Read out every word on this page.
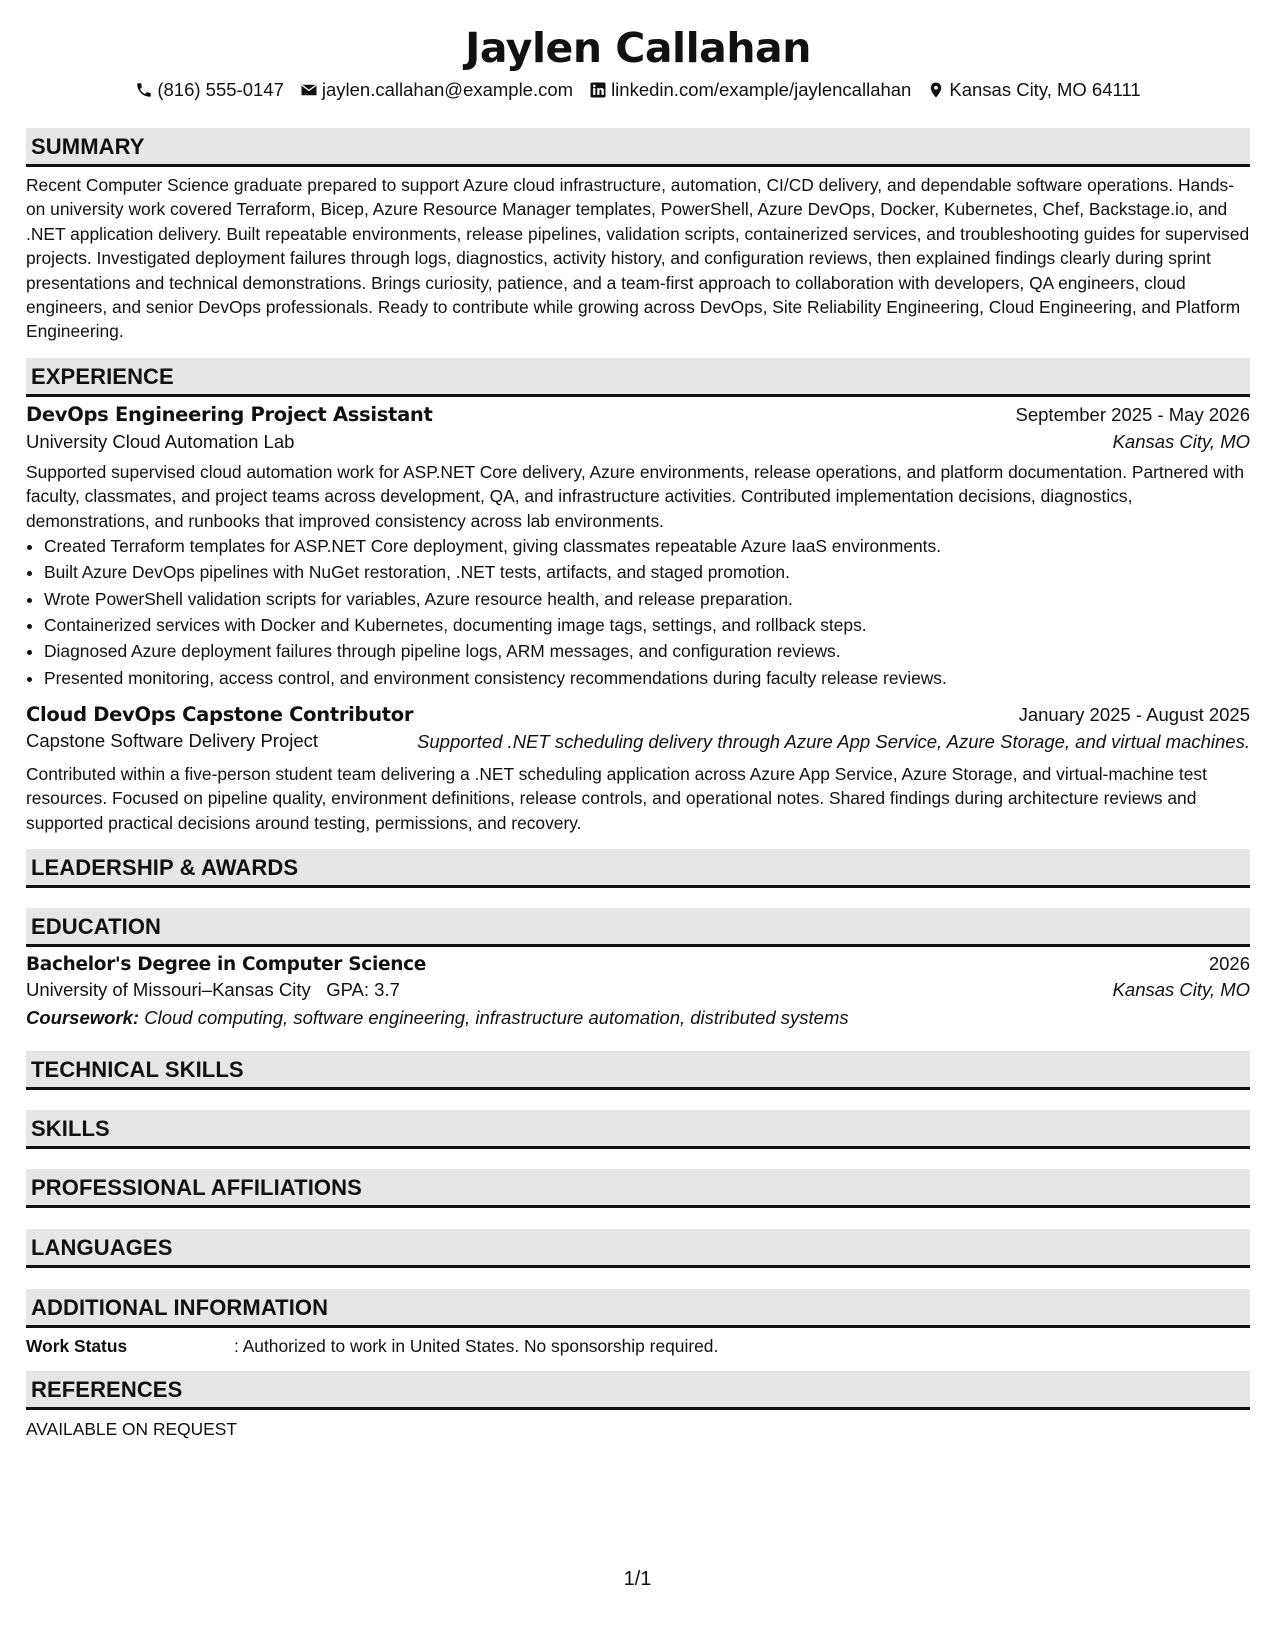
Jaylen Callahan
(816) 555-0147 jaylen.callahan@example.com linkedin.com/example/jaylencallahan Kansas City, MO 64111
SUMMARY

Recent Computer Science graduate prepared to support Azure cloud infrastructure, automation, CI/CD delivery, and dependable software operations. Hands-on university work covered Terraform, Bicep, Azure Resource Manager templates, PowerShell, Azure DevOps, Docker, Kubernetes, Chef, Backstage.io, and .NET application delivery. Built repeatable environments, release pipelines, validation scripts, containerized services, and troubleshooting guides for supervised projects. Investigated deployment failures through logs, diagnostics, activity history, and configuration reviews, then explained findings clearly during sprint presentations and technical demonstrations. Brings curiosity, patience, and a team-first approach to collaboration with developers, QA engineers, cloud engineers, and senior DevOps professionals. Ready to contribute while growing across DevOps, Site Reliability Engineering, Cloud Engineering, and Platform Engineering.

EXPERIENCE
DevOps Engineering Project Assistant	September 2025 - May 2026
University Cloud Automation Lab	Kansas City, MO

Supported supervised cloud automation work for ASP.NET Core delivery, Azure environments, release operations, and platform documentation. Partnered with faculty, classmates, and project teams across development, QA, and infrastructure activities. Contributed implementation decisions, diagnostics, demonstrations, and runbooks that improved consistency across lab environments.

• Created Terraform templates for ASP.NET Core deployment, giving classmates repeatable Azure IaaS environments.
• Built Azure DevOps pipelines with NuGet restoration, .NET tests, artifacts, and staged promotion.
• Wrote PowerShell validation scripts for variables, Azure resource health, and release preparation.
• Containerized services with Docker and Kubernetes, documenting image tags, settings, and rollback steps.
• Diagnosed Azure deployment failures through pipeline logs, ARM messages, and configuration reviews.
• Presented monitoring, access control, and environment consistency recommendations during faculty release reviews.
Cloud DevOps Capstone Contributor	January 2025 - August 2025
Capstone Software Delivery Project	Supported .NET scheduling delivery through Azure App Service, Azure Storage, and virtual machines.

Contributed within a five-person student team delivering a .NET scheduling application across Azure App Service, Azure Storage, and virtual-machine test resources. Focused on pipeline quality, environment definitions, release controls, and operational notes. Shared findings during architecture reviews and supported practical decisions around testing, permissions, and recovery.

LEADERSHIP & AWARDS
EDUCATION
Bachelor's Degree in Computer Science	2026
University of Missouri–Kansas City GPA: 3.7	Kansas City, MO
Coursework: Cloud computing, software engineering, infrastructure automation, distributed systems
TECHNICAL SKILLS
SKILLS
PROFESSIONAL AFFILIATIONS
LANGUAGES
ADDITIONAL INFORMATION
Work Status	: Authorized to work in United States. No sponsorship required.
REFERENCES
AVAILABLE ON REQUEST
1/1
